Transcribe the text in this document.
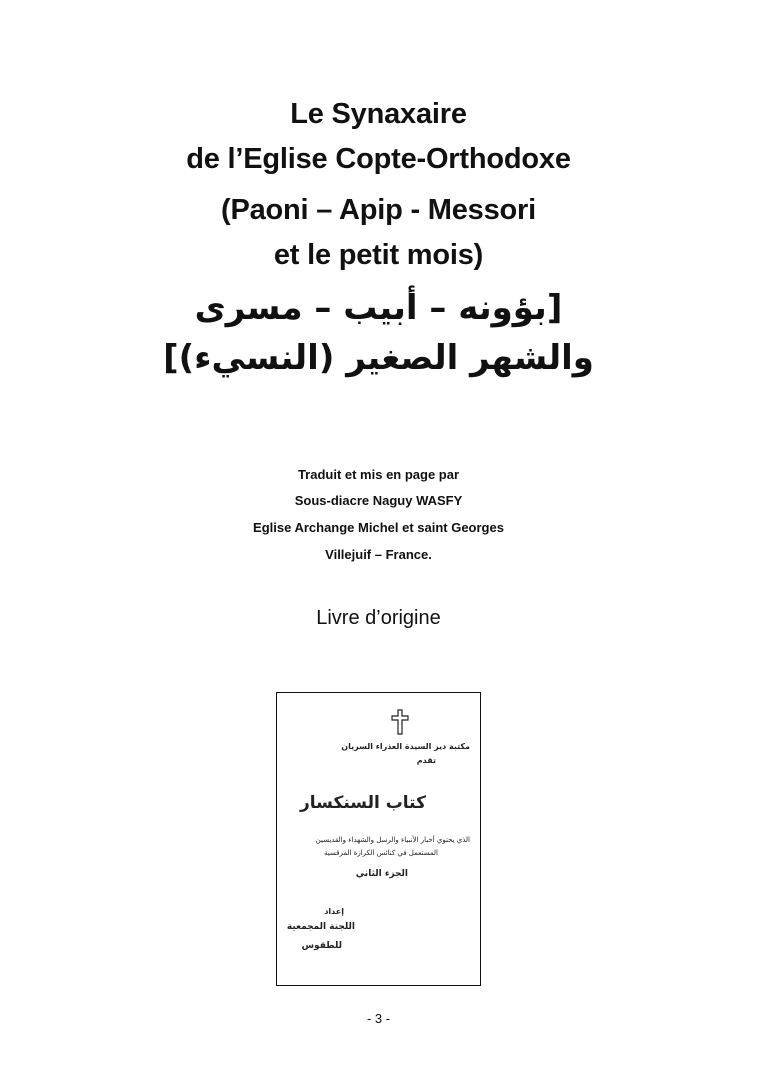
Le Synaxaire
de l’Eglise Copte-Orthodoxe
(Paoni – Apip - Messori
et le petit mois)
[بؤونه – أبيب – مسرى
والشهر الصغير (النسيء)]
Traduit et mis en page par
Sous-diacre Naguy WASFY
Eglise Archange Michel et saint Georges
Villejuif – France.
Livre d’origine
مكتبة دير السيدة العذراء السريان
تقدم
كتاب السنكسار
الذي يحتوي أخبار الأنبياء والرسل والشهداء والقديسين
المستعمل في كنائس الكرازة المرقسية
الجزء الثاني
إعداد
اللجنة المجمعية
للطقوس
- 3 -
